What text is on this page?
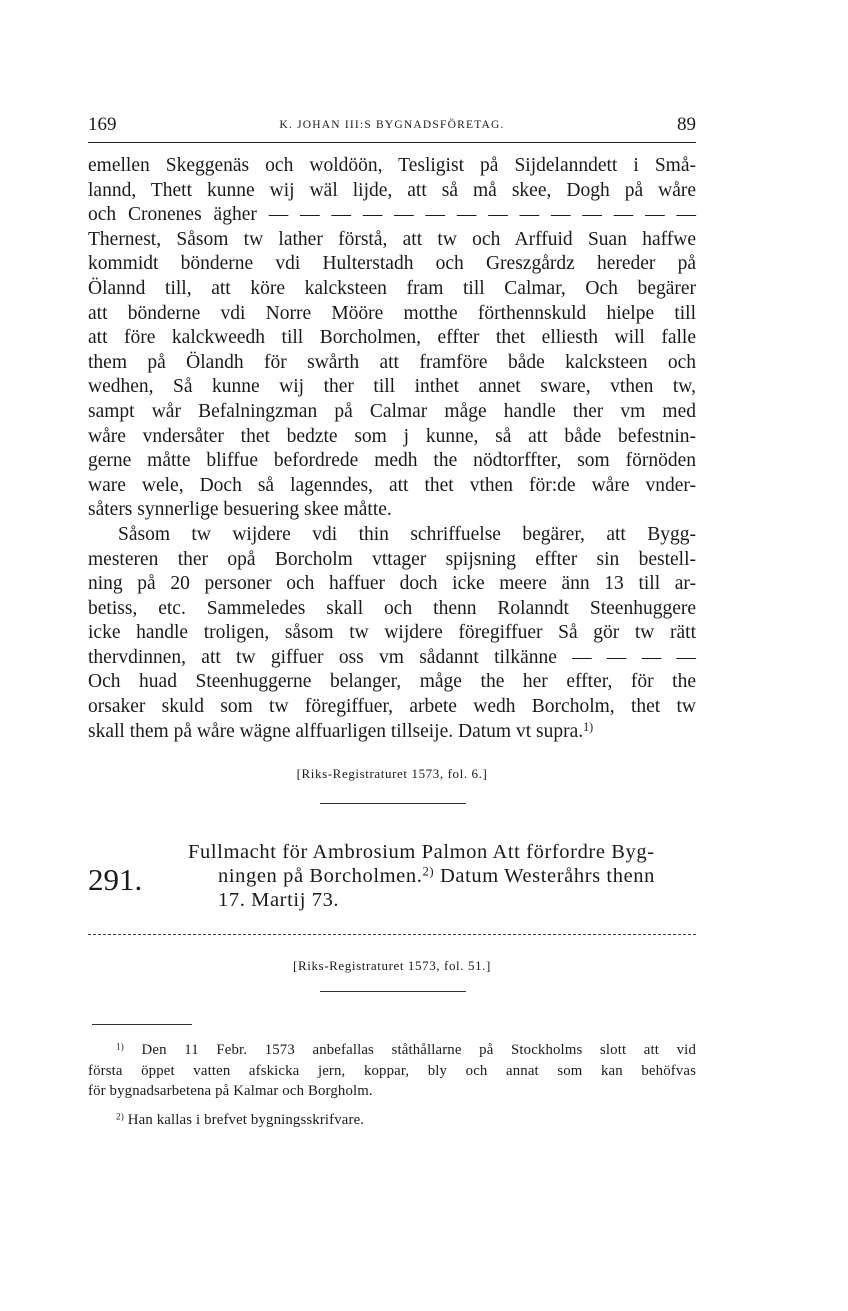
169	K. JOHAN III:S BYGNADSFÖRETAG.	89
emellen Skeggenäs och woldöön, Tesligist på Sijdelanndett i Små-
lannd, Thett kunne wij wäl lijde, att så må skee, Dogh på wåre
och Cronenes ägher — — — — — — — — — — — — — —
Thernest, Såsom tw lather förstå, att tw och Arffuid Suan haffwe
kommidt bönderne vdi Hulterstadh och Greszgårdz hereder på
Ölannd till, att köre kalcksteen fram till Calmar, Och begärer
att bönderne vdi Norre Mööre motthe förthennskuld hielpe till
att före kalckweedh till Borcholmen, effter thet elliesth will falle
them på Ölandh för swårth att framföre både kalcksteen och
wedhen, Så kunne wij ther till inthet annet sware, vthen tw,
sampt wår Befalningzman på Calmar måge handle ther vm med
wåre vndersåter thet bedzte som j kunne, så att både befestnin-
gerne måtte bliffue befordrede medh the nödtorffter, som förnöden
ware wele, Doch så lagenndes, att thet vthen för:de wåre vnder-
såters synnerlige besuering skee måtte.
Såsom tw wijdere vdi thin schriffuelse begärer, att Bygg-
mesteren ther opå Borcholm vttager spijsning effter sin bestell-
ning på 20 personer och haffuer doch icke meere änn 13 till ar-
betiss, etc. Sammeledes skall och thenn Rolanndt Steenhuggere
icke handle troligen, såsom tw wijdere föregiffuer Så gör tw rätt
thervdinnen, att tw giffuer oss vm sådannt tilkänne — — — —
Och huad Steenhuggerne belanger, måge the her effter, för the
orsaker skuld som tw föregiffuer, arbete wedh Borcholm, thet tw
skall them på wåre wägne alffuarligen tillseije. Datum vt supra.$^{1)}$
[Riks-Registraturet 1573, fol. 6.]
291.
Fullmacht för Ambrosium Palmon Att förfordre Byg-
ningen på Borcholmen.$^{2)}$ Datum Westeråhrs thenn
17. Martij 73.
[Riks-Registraturet 1573, fol. 51.]
$^{1)}$ Den 11 Febr. 1573 anbefallas ståthållarne på Stockholms slott att vid
första öppet vatten afskicka jern, koppar, bly och annat som kan behöfvas
för bygnadsarbetena på Kalmar och Borgholm.
$^{2)}$ Han kallas i brefvet bygningsskrifvare.
